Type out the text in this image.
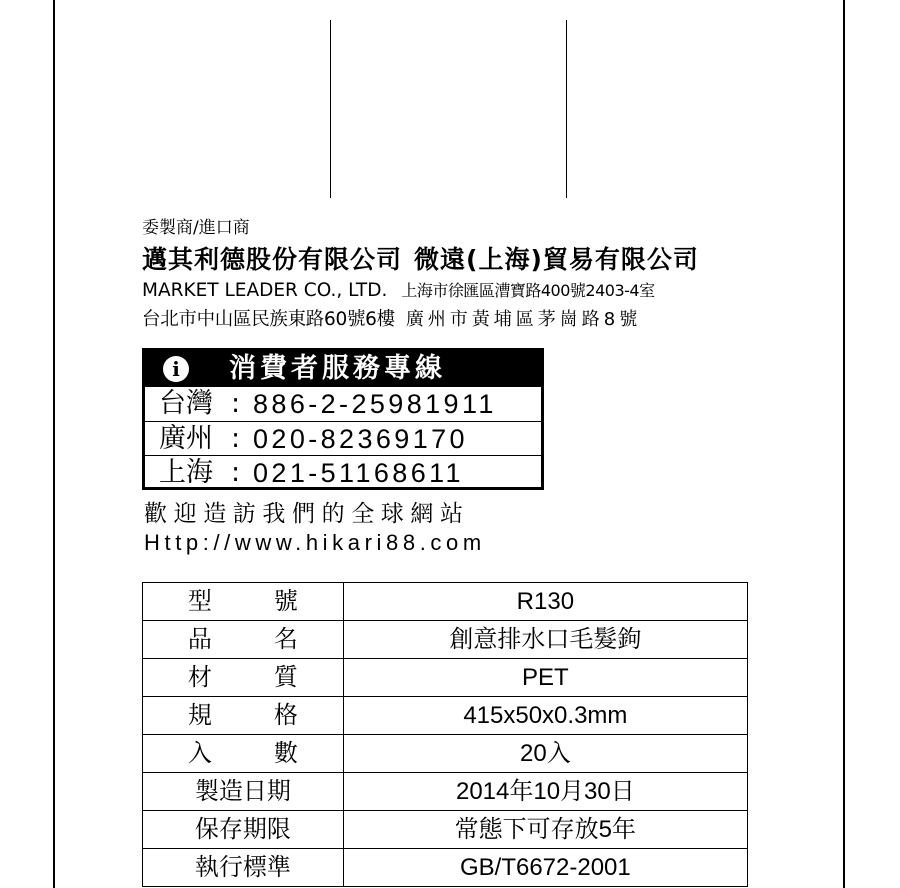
委製商/進口商
邁其利德股份有限公司 微遠(上海)貿易有限公司
MARKET LEADER CO., LTD. 上海市徐匯區漕寶路400號2403-4室
台北市中山區民族東路60號6樓 廣州市黃埔區茅崗路8號
i	消費者服務專線
台灣 : 886-2-25981911
廣州 : 020-82369170
上海 : 021-51168611
歡迎造訪我們的全球網站
Http://www.hikari88.com
型 號	R130

品 名	創意排水口毛髮鉤

材 質	PET

規 格	415x50x0.3mm

入 數	20入
製造日期	2014年10月30日
保存期限	常態下可存放5年
執行標準	GB/T6672-2001
